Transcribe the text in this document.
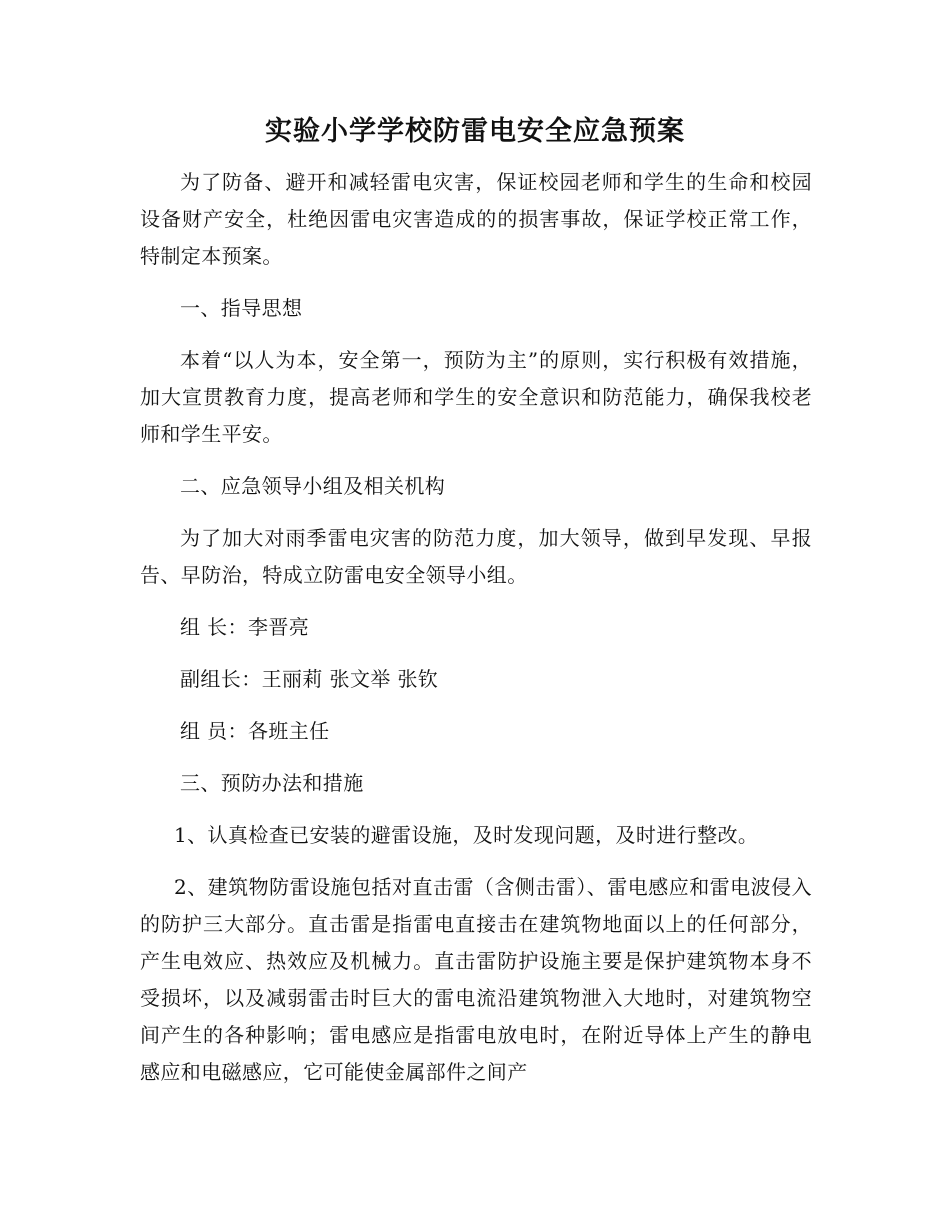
实验小学学校防雷电安全应急预案

为了防备、避开和减轻雷电灾害，保证校园老师和学生的生命和校园设备财产安全，杜绝因雷电灾害造成的的损害事故，保证学校正常工作，特制定本预案。

一、指导思想

本着“以人为本，安全第一，预防为主”的原则，实行积极有效措施，加大宣贯教育力度，提高老师和学生的安全意识和防范能力，确保我校老师和学生平安。

二、应急领导小组及相关机构

为了加大对雨季雷电灾害的防范力度，加大领导，做到早发现、早报告、早防治，特成立防雷电安全领导小组。

组 长：李晋亮

副组长：王丽莉 张文举 张钦

组 员：各班主任

三、预防办法和措施

1、认真检查已安装的避雷设施，及时发现问题，及时进行整改。

2、建筑物防雷设施包括对直击雷（含侧击雷）、雷电感应和雷电波侵入的防护三大部分。直击雷是指雷电直接击在建筑物地面以上的任何部分，产生电效应、热效应及机械力。直击雷防护设施主要是保护建筑物本身不受损坏，以及减弱雷击时巨大的雷电流沿建筑物泄入大地时，对建筑物空间产生的各种影响；雷电感应是指雷电放电时，在附近导体上产生的静电感应和电磁感应，它可能使金属部件之间产
